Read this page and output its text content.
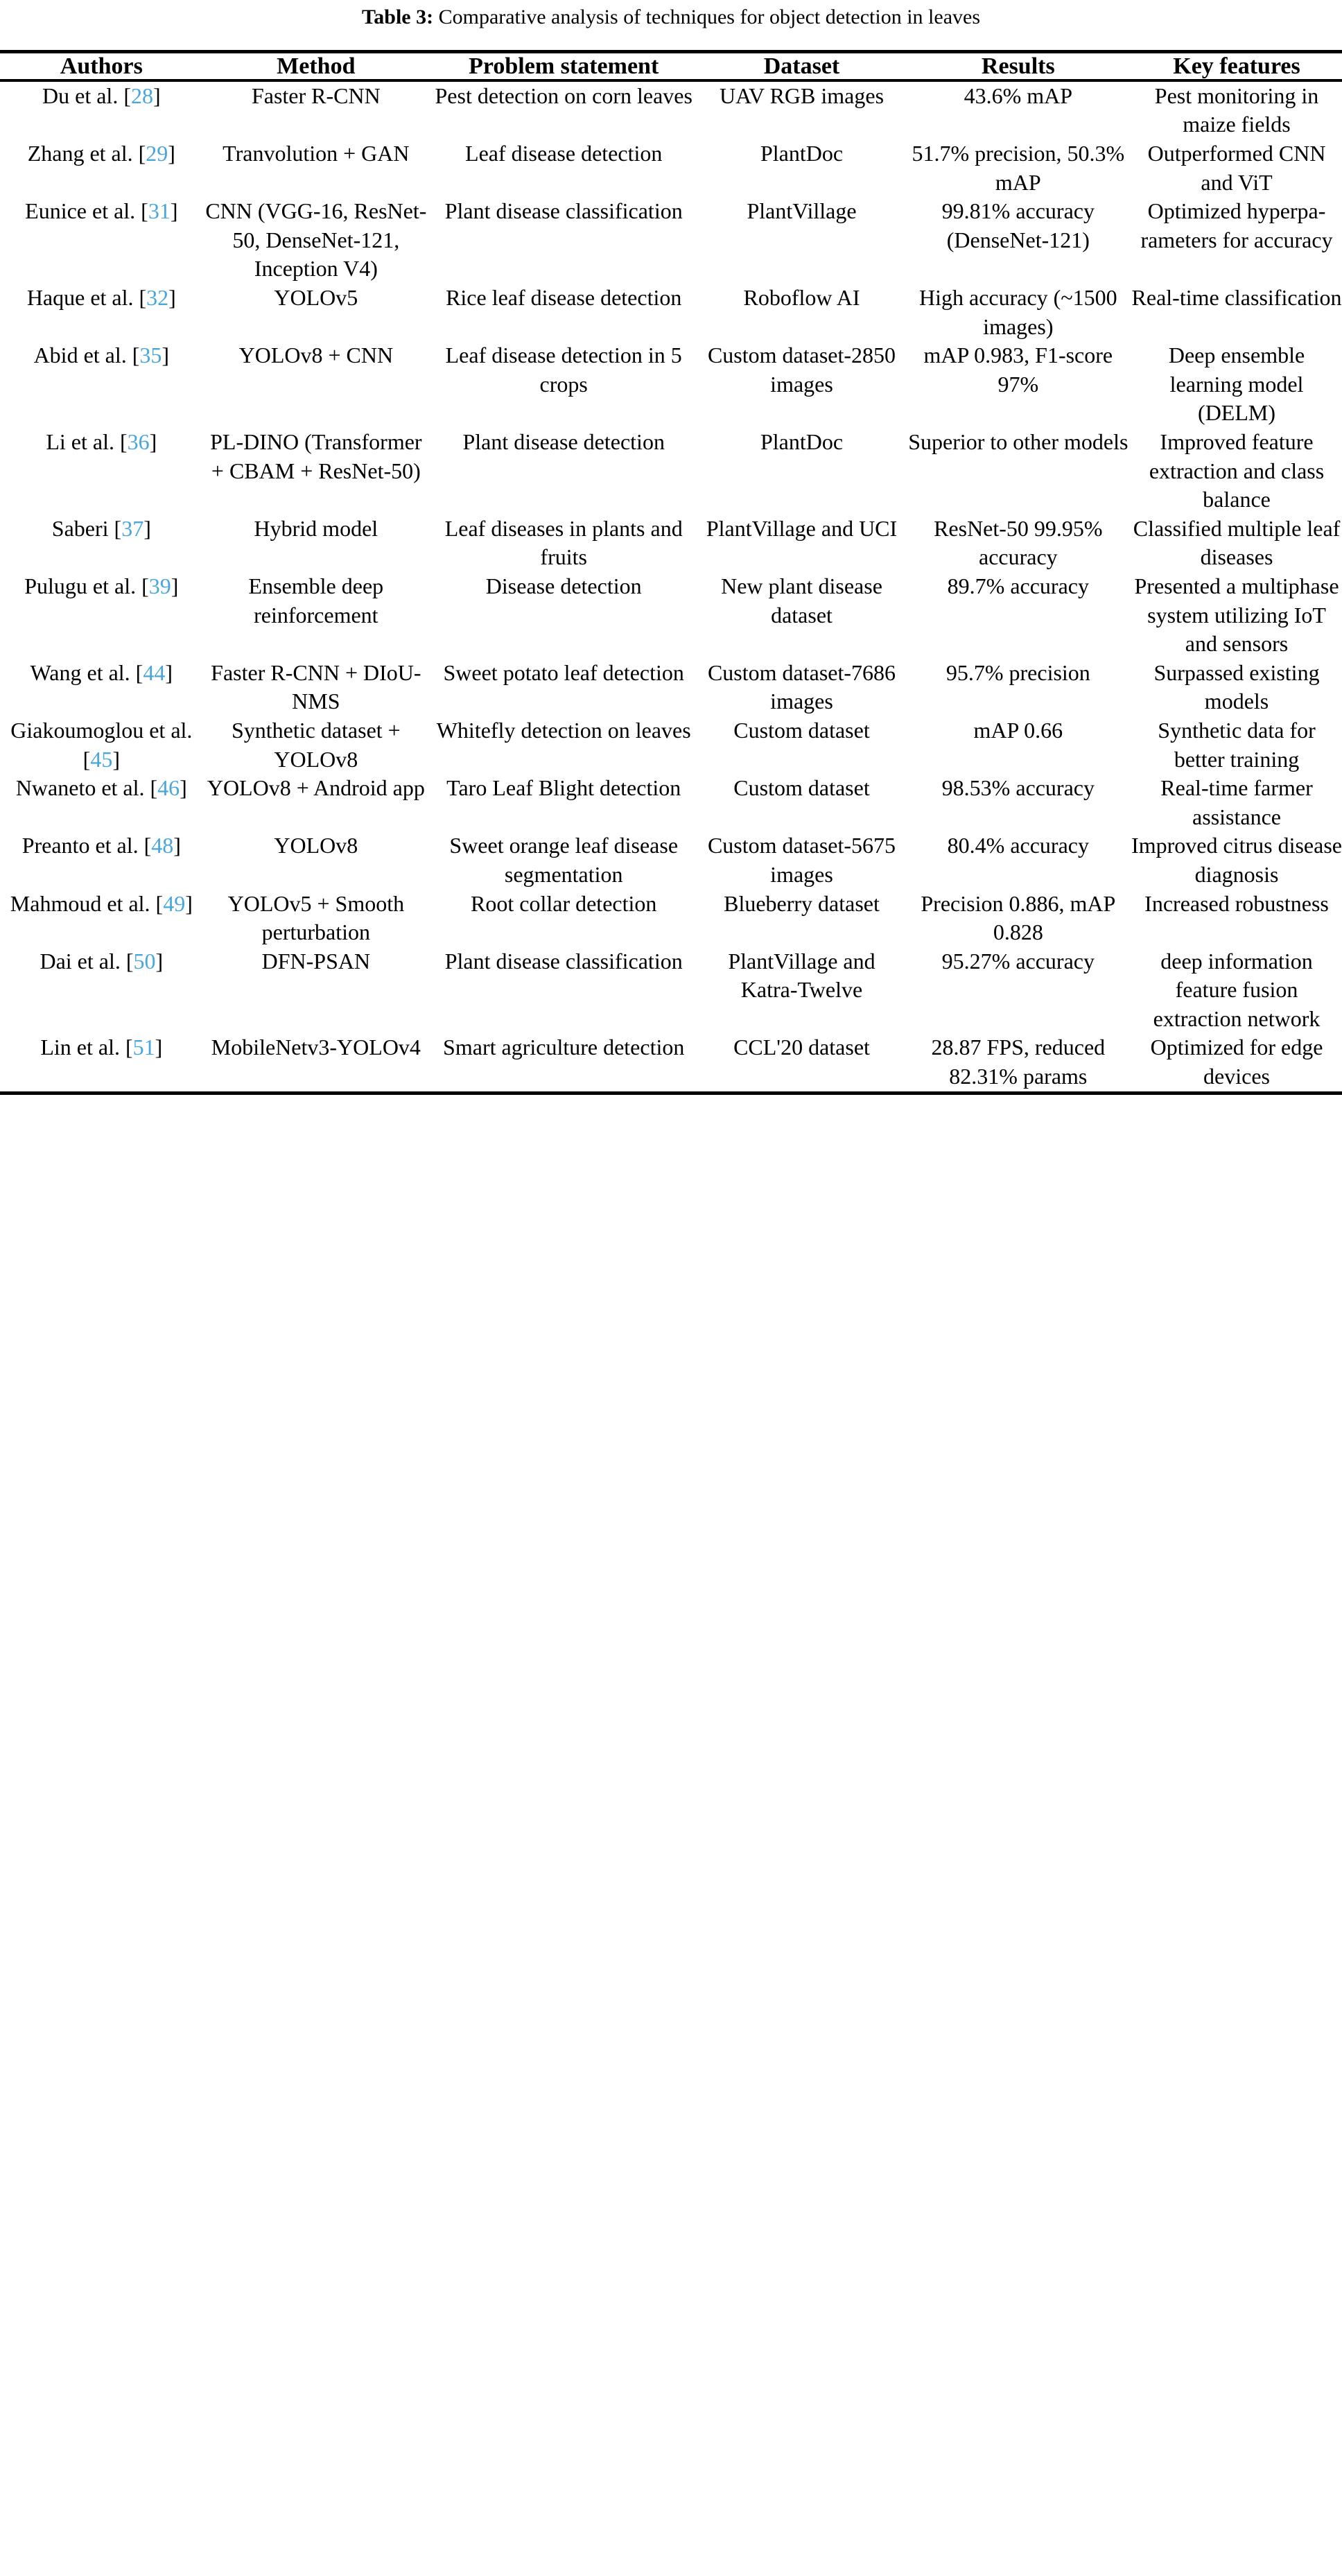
Table 3: Comparative analysis of techniques for object detection in leaves

Authors	Method	Problem statement	Dataset	Results	Key features

Du et al. [28]	Faster R-CNN	Pest detection on corn leaves	UAV RGB images	43.6% mAP	Pest monitoring in maize fields
Zhang et al. [29]	Tranvolution + GAN	Leaf disease detection	PlantDoc	51.7% precision, 50.3% mAP	Outperformed CNN and ViT
Eunice et al. [31]	CNN (VGG-16, ResNet-50, DenseNet-121, Inception V4)	Plant disease classification	PlantVillage	99.81% accuracy (DenseNet-121)	Optimized hyperpa-rameters for accuracy
Haque et al. [32]	YOLOv5	Rice leaf disease detection	Roboflow AI	High accuracy (~1500 images)	Real-time classification
Abid et al. [35]	YOLOv8 + CNN	Leaf disease detection in 5 crops	Custom dataset-2850 images	mAP 0.983, F1-score 97%	Deep ensemble learning model (DELM)
Li et al. [36]	PL-DINO (Transformer + CBAM + ResNet-50)	Plant disease detection	PlantDoc	Superior to other models	Improved feature extraction and class balance
Saberi [37]	Hybrid model	Leaf diseases in plants and fruits	PlantVillage and UCI	ResNet-50 99.95% accuracy	Classified multiple leaf diseases
Pulugu et al. [39]	Ensemble deep reinforcement	Disease detection	New plant disease dataset	89.7% accuracy	Presented a multiphase system utilizing IoT and sensors
Wang et al. [44]	Faster R-CNN + DIoU-NMS	Sweet potato leaf detection	Custom dataset-7686 images	95.7% precision	Surpassed existing models
Giakoumoglou et al. [45]	Synthetic dataset + YOLOv8	Whitefly detection on leaves	Custom dataset	mAP 0.66	Synthetic data for better training
Nwaneto et al. [46]	YOLOv8 + Android app	Taro Leaf Blight detection	Custom dataset	98.53% accuracy	Real-time farmer assistance
Preanto et al. [48]	YOLOv8	Sweet orange leaf disease segmentation	Custom dataset-5675 images	80.4% accuracy	Improved citrus disease diagnosis
Mahmoud et al. [49]	YOLOv5 + Smooth perturbation	Root collar detection	Blueberry dataset	Precision 0.886, mAP 0.828	Increased robustness
Dai et al. [50]	DFN-PSAN	Plant disease classification	PlantVillage and Katra-Twelve	95.27% accuracy	deep information feature fusion extraction network
Lin et al. [51]	MobileNetv3-YOLOv4	Smart agriculture detection	CCL'20 dataset	28.87 FPS, reduced 82.31% params	Optimized for edge devices
